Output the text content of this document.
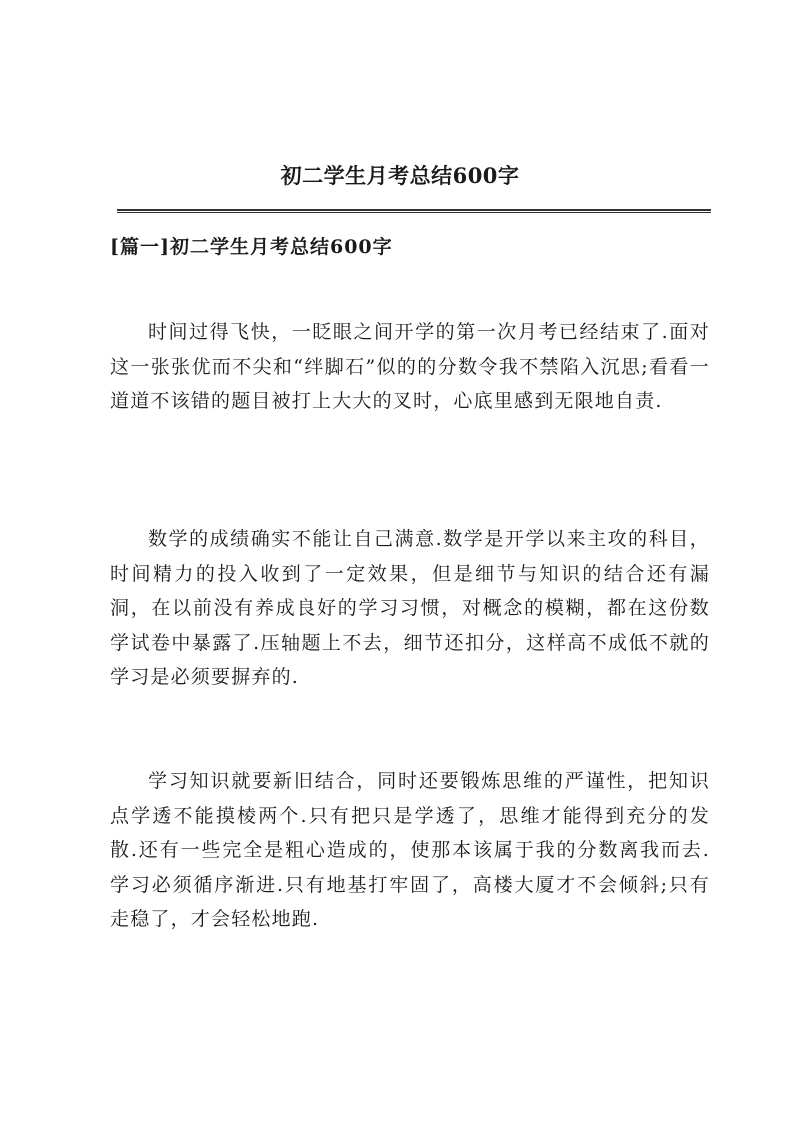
初二学生月考总结600字
[篇一]初二学生月考总结600字

时间过得飞快，一眨眼之间开学的第一次月考已经结束了.面对这一张张优而不尖和“绊脚石”似的的分数令我不禁陷入沉思;看看一道道不该错的题目被打上大大的叉时，心底里感到无限地自责.

数学的成绩确实不能让自己满意.数学是开学以来主攻的科目，时间精力的投入收到了一定效果，但是细节与知识的结合还有漏洞，在以前没有养成良好的学习习惯，对概念的模糊，都在这份数学试卷中暴露了.压轴题上不去，细节还扣分，这样高不成低不就的学习是必须要摒弃的.

学习知识就要新旧结合，同时还要锻炼思维的严谨性，把知识点学透不能摸棱两个.只有把只是学透了，思维才能得到充分的发散.还有一些完全是粗心造成的，使那本该属于我的分数离我而去.学习必须循序渐进.只有地基打牢固了，高楼大厦才不会倾斜;只有走稳了，才会轻松地跑.
